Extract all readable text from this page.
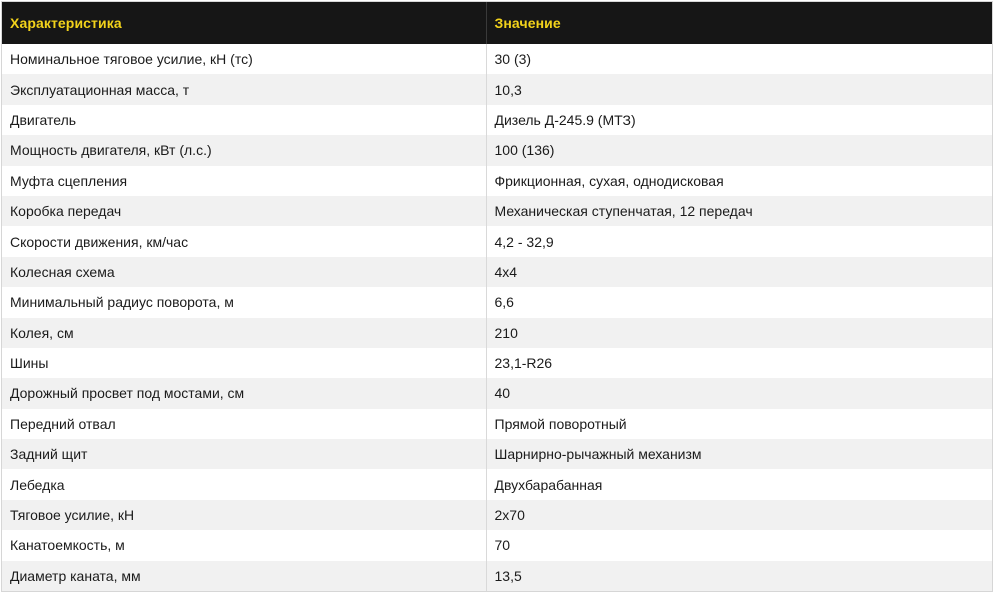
Характеристика	Значение
Номинальное тяговое усилие, кН (тс)	30 (3)
Эксплуатационная масса, т	10,3
Двигатель	Дизель Д-245.9 (МТЗ)
Мощность двигателя, кВт (л.с.)	100 (136)
Муфта сцепления	Фрикционная, сухая, однодисковая
Коробка передач	Механическая ступенчатая, 12 передач
Скорости движения, км/час	4,2 - 32,9
Колесная схема	4x4
Минимальный радиус поворота, м	6,6
Колея, см	210
Шины	23,1-R26
Дорожный просвет под мостами, см	40
Передний отвал	Прямой поворотный
Задний щит	Шарнирно-рычажный механизм
Лебедка	Двухбарабанная
Тяговое усилие, кН	2x70
Канатоемкость, м	70
Диаметр каната, мм	13,5
